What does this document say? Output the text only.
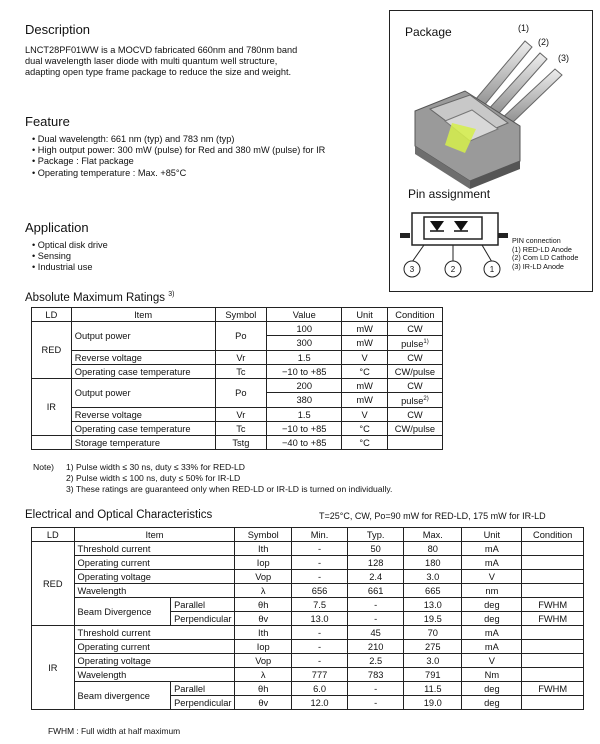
Description
LNCT28PF01WW is a MOCVD fabricated 660nm and 780nm band
dual wavelength laser diode with multi quantum well structure,
adapting open type frame package to reduce the size and weight.
Feature
• Dual wavelength: 661 nm (typ) and 783 nm (typ)
• High output power: 300 mW (pulse) for Red and 380 mW (pulse) for IR
• Package : Flat package
• Operating temperature : Max. +85°C
Application
• Optical disk drive
• Sensing
• Industrial use
Package	(1)
(2)
(3)
Pin assignment
3	2	1
PIN connection
(1) RED-LD Anode
(2) Com LD Cathode
(3) IR-LD Anode
Absolute Maximum Ratings $^{3)}$
LD	Item	Symbol	Value	Unit	Condition
RED	Output power	Po	100	mW	CW
			300	mW	pulse$^{1)}$
	Reverse voltage	Vr	1.5	V	CW
	Operating case temperature	Tc	−10 to +85	°C	CW/pulse
IR	Output power	Po	200	mW	CW
			380	mW	pulse$^{2)}$
	Reverse voltage	Vr	1.5	V	CW
	Operating case temperature	Tc	−10 to +85	°C	CW/pulse
	Storage temperature	Tstg	−40 to +85	°C	
Note) 1) Pulse width ≤ 30 ns, duty ≤ 33% for RED-LD
2) Pulse width ≤ 100 ns, duty ≤ 50% for IR-LD
3) These ratings are guaranteed only when RED-LD or IR-LD is turned on individually.
Electrical and Optical Characteristics	T=25°C, CW, Po=90 mW for RED-LD, 175 mW for IR-LD
LD	Item		Symbol	Min.	Typ.	Max.	Unit	Condition
RED	Threshold current		Ith	-	50	80	mA	
	Operating current		Iop	-	128	180	mA	
	Operating voltage		Vop	-	2.4	3.0	V	
	Wavelength		λ	656	661	665	nm	
	Beam Divergence	Parallel	θh	7.5	-	13.0	deg	FWHM
		Perpendicular	θv	13.0	-	19.5	deg	FWHM
IR	Threshold current		Ith	-	45	70	mA	
	Operating current		Iop	-	210	275	mA	
	Operating voltage		Vop	-	2.5	3.0	V	
	Wavelength		λ	777	783	791	Nm	
	Beam divergence	Parallel	θh	6.0	-	11.5	deg	FWHM
		Perpendicular	θv	12.0	-	19.0	deg	
FWHM : Full width at half maximum
